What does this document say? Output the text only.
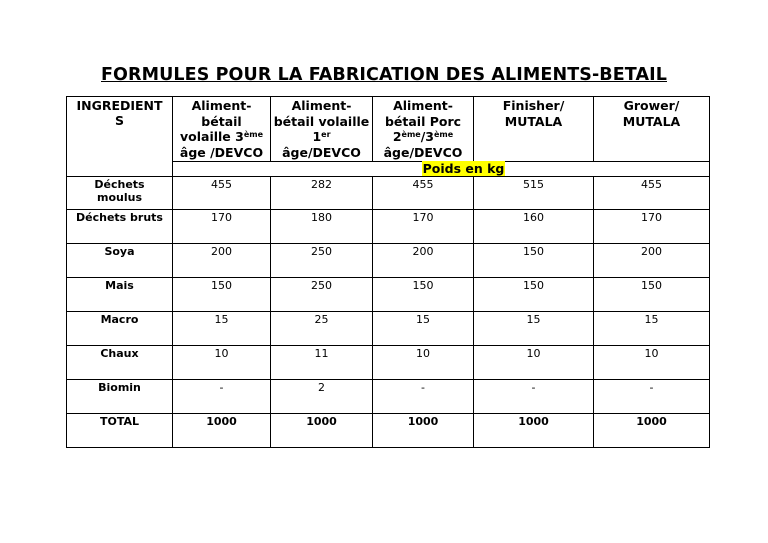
FORMULES POUR LA FABRICATION DES ALIMENTS-BETAIL
INGREDIENTS	Aliment-bétail volaille 3ème âge /DEVCO	Aliment-bétail volaille 1er âge/DEVCO	Aliment-bétail Porc 2ème/3ème âge/DEVCO	Finisher/ MUTALA	Grower/ MUTALA

	Poids en kg				
Déchets moulus	455	282	455	515	455
Déchets bruts	170	180	170	160	170
Soya	200	250	200	150	200
Mais	150	250	150	150	150
Macro	15	25	15	15	15
Chaux	10	11	10	10	10
Biomin	-	2	-	-	-
TOTAL	1000	1000	1000	1000	1000
